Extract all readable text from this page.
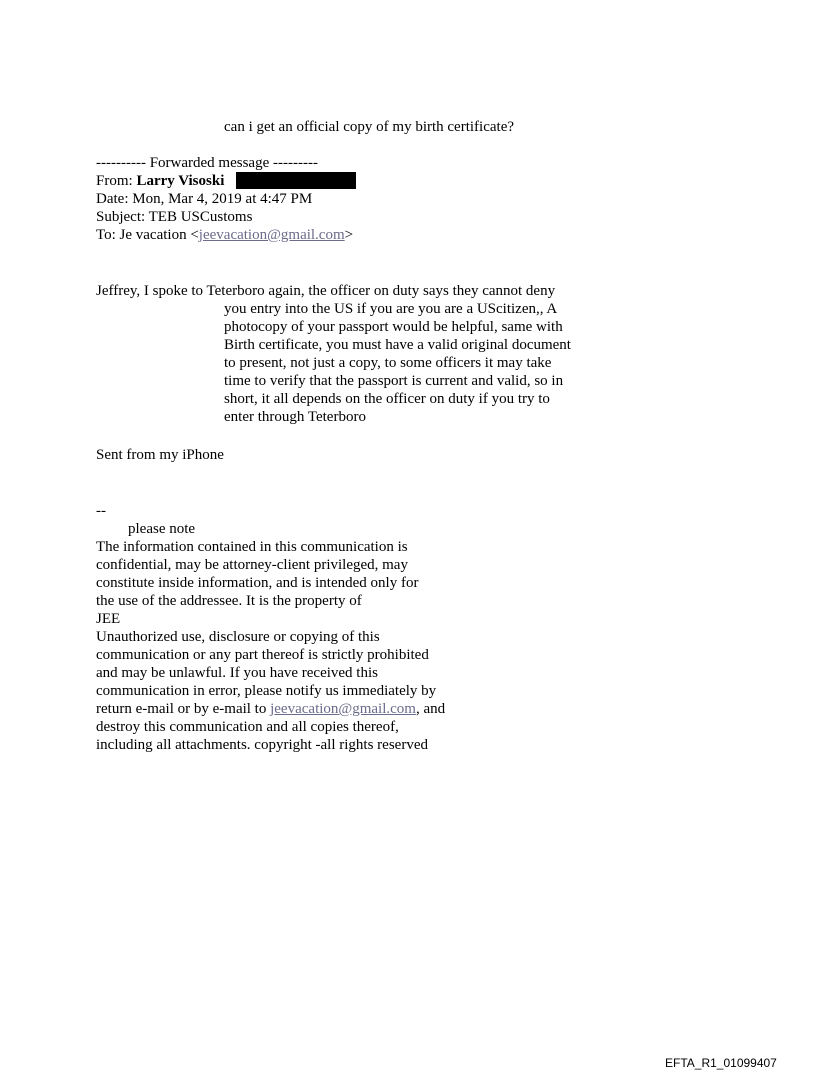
can i get an official copy of my birth certificate?
---------- Forwarded message ---------
From: Larry Visoski
Date: Mon, Mar 4, 2019 at 4:47 PM
Subject: TEB USCustoms
To: Je vacation <jeevacation@gmail.com>
Jeffrey, I spoke to Teterboro again, the officer on duty says they cannot deny
you entry into the US if you are you are a UScitizen,, A
photocopy of your passport would be helpful, same with
Birth certificate, you must have a valid original document
to present, not just a copy, to some officers it may take
time to verify that the passport is current and valid, so in
short, it all depends on the officer on duty if you try to
enter through Teterboro
Sent from my iPhone
--
please note
The information contained in this communication is
confidential, may be attorney-client privileged, may
constitute inside information, and is intended only for
the use of the addressee. It is the property of
JEE
Unauthorized use, disclosure or copying of this
communication or any part thereof is strictly prohibited
and may be unlawful. If you have received this
communication in error, please notify us immediately by
return e-mail or by e-mail to jeevacation@gmail.com, and
destroy this communication and all copies thereof,
including all attachments. copyright -all rights reserved
EFTA_R1_01099407
